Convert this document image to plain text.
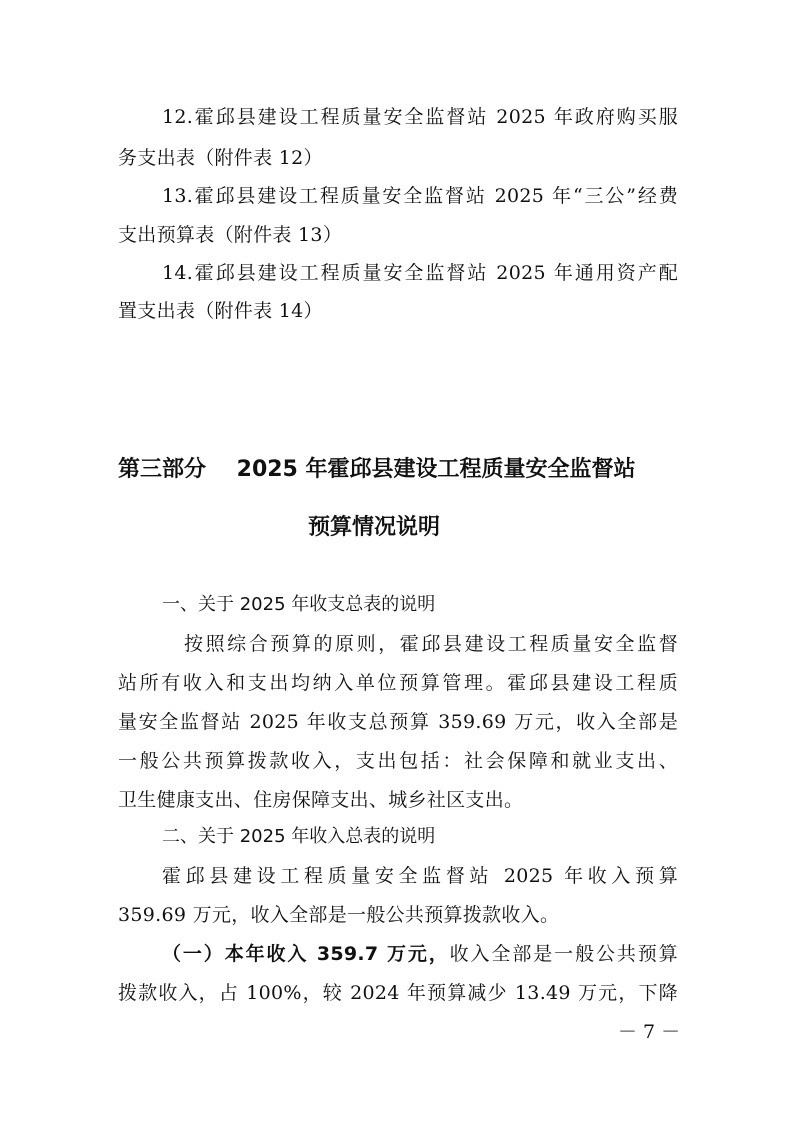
12.霍邱县建设工程质量安全监督站 2025 年政府购买服
务支出表（附件表 12）
13.霍邱县建设工程质量安全监督站 2025 年“三公”经费
支出预算表（附件表 13）
14.霍邱县建设工程质量安全监督站 2025 年通用资产配
置支出表（附件表 14）
第三部分    2025 年霍邱县建设工程质量安全监督站
预算情况说明
一、关于 2025 年收支总表的说明
按照综合预算的原则，霍邱县建设工程质量安全监督
站所有收入和支出均纳入单位预算管理。霍邱县建设工程质
量安全监督站 2025 年收支总预算 359.69 万元，收入全部是
一般公共预算拨款收入，支出包括：社会保障和就业支出、
卫生健康支出、住房保障支出、城乡社区支出。
二、关于 2025 年收入总表的说明
霍邱县建设工程质量安全监督站 2025 年收入预算
359.69 万元，收入全部是一般公共预算拨款收入。
（一）本年收入 359.7 万元，收入全部是一般公共预算
拨款收入，占 100%，较 2024 年预算减少 13.49 万元，下降
－ 7 －
